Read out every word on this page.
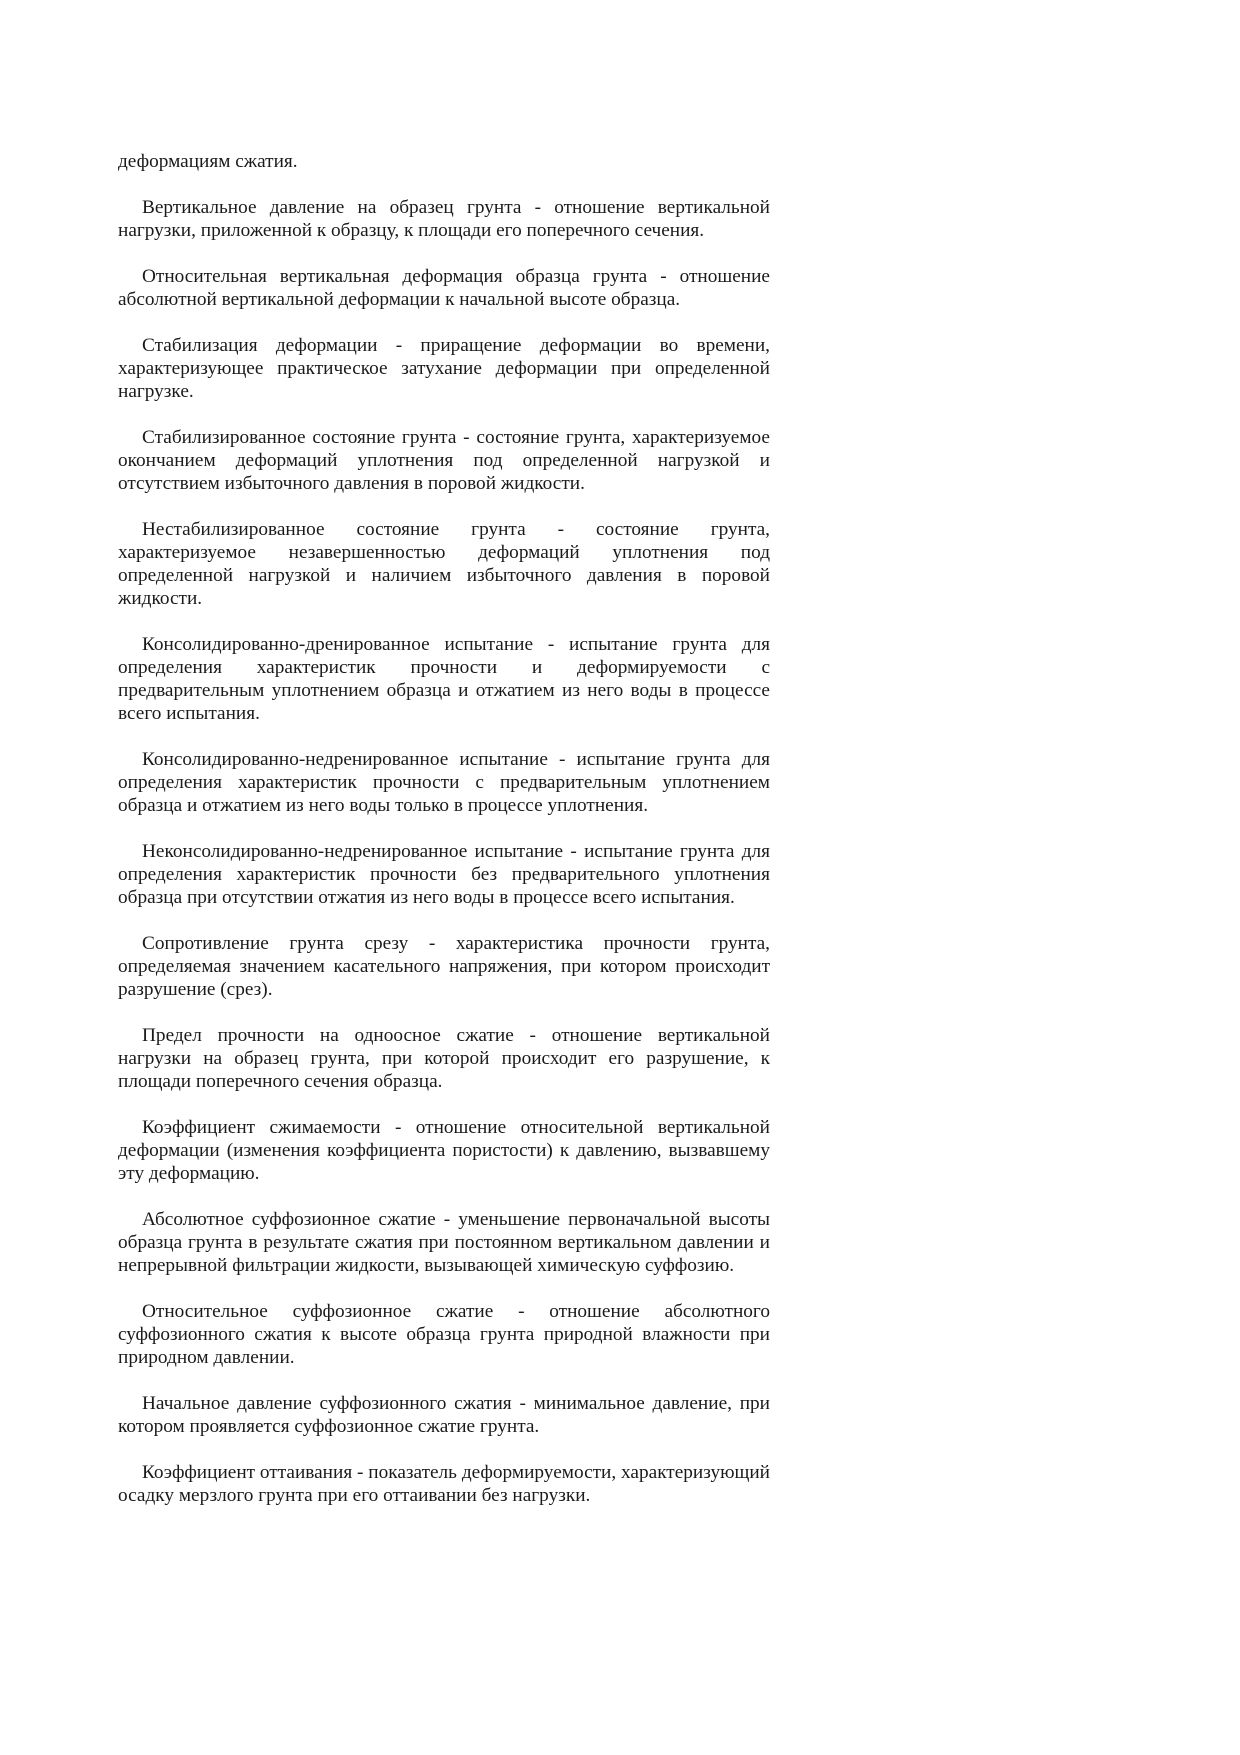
деформациям сжатия.

Вертикальное давление на образец грунта - отношение вертикальной нагрузки, приложенной к образцу, к площади его поперечного сечения.

Относительная вертикальная деформация образца грунта - отношение абсолютной вертикальной деформации к начальной высоте образца.

Стабилизация деформации - приращение деформации во времени, характеризующее практическое затухание деформации при определенной нагрузке.

Стабилизированное состояние грунта - состояние грунта, характеризуемое окончанием деформаций уплотнения под определенной нагрузкой и отсутствием избыточного давления в поровой жидкости.

Нестабилизированное состояние грунта - состояние грунта, характеризуемое незавершенностью деформаций уплотнения под определенной нагрузкой и наличием избыточного давления в поровой жидкости.

Консолидированно-дренированное испытание - испытание грунта для определения характеристик прочности и деформируемости с предварительным уплотнением образца и отжатием из него воды в процессе всего испытания.

Консолидированно-недренированное испытание - испытание грунта для определения характеристик прочности с предварительным уплотнением образца и отжатием из него воды только в процессе уплотнения.

Неконсолидированно-недренированное испытание - испытание грунта для определения характеристик прочности без предварительного уплотнения образца при отсутствии отжатия из него воды в процессе всего испытания.

Сопротивление грунта срезу - характеристика прочности грунта, определяемая значением касательного напряжения, при котором происходит разрушение (срез).

Предел прочности на одноосное сжатие - отношение вертикальной нагрузки на образец грунта, при которой происходит его разрушение, к площади поперечного сечения образца.

Коэффициент сжимаемости - отношение относительной вертикальной деформации (изменения коэффициента пористости) к давлению, вызвавшему эту деформацию.

Абсолютное суффозионное сжатие - уменьшение первоначальной высоты образца грунта в результате сжатия при постоянном вертикальном давлении и непрерывной фильтрации жидкости, вызывающей химическую суффозию.

Относительное суффозионное сжатие - отношение абсолютного суффозионного сжатия к высоте образца грунта природной влажности при природном давлении.

Начальное давление суффозионного сжатия - минимальное давление, при котором проявляется суффозионное сжатие грунта.

Коэффициент оттаивания - показатель деформируемости, характеризующий осадку мерзлого грунта при его оттаивании без нагрузки.
